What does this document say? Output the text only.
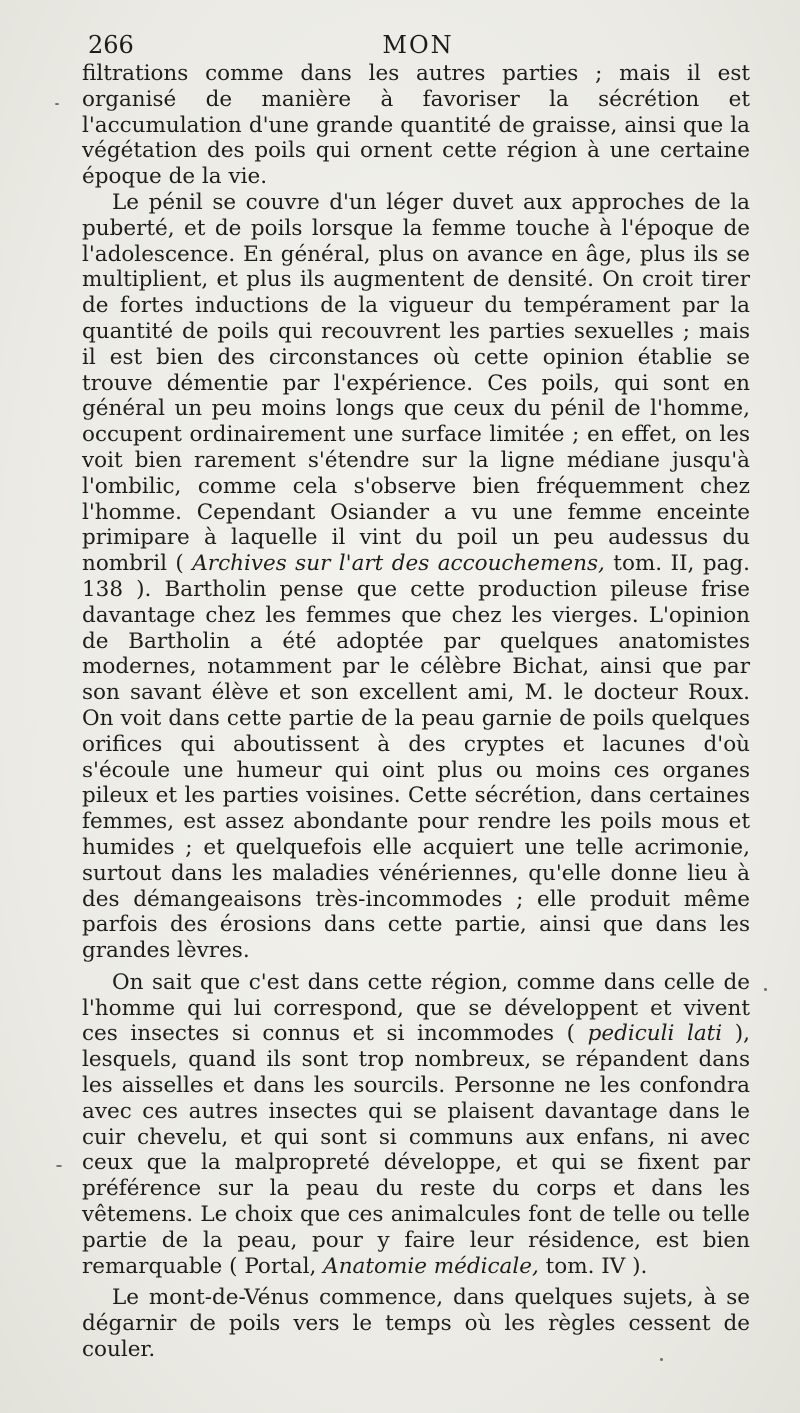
266	MON

filtrations comme dans les autres parties ; mais il est organisé de manière à favoriser la sécrétion et l'accumulation d'une grande quantité de graisse, ainsi que la végétation des poils qui ornent cette région à une certaine époque de la vie.

Le pénil se couvre d'un léger duvet aux approches de la puberté, et de poils lorsque la femme touche à l'époque de l'adolescence. En général, plus on avance en âge, plus ils se multiplient, et plus ils augmentent de densité. On croit tirer de fortes inductions de la vigueur du tempérament par la quantité de poils qui recouvrent les parties sexuelles ; mais il est bien des circonstances où cette opinion établie se trouve démentie par l'expérience. Ces poils, qui sont en général un peu moins longs que ceux du pénil de l'homme, occupent ordinairement une surface limitée ; en effet, on les voit bien rarement s'étendre sur la ligne médiane jusqu'à l'ombilic, comme cela s'observe bien fréquemment chez l'homme. Cependant Osiander a vu une femme enceinte primipare à laquelle il vint du poil un peu audessus du nombril ( Archives sur l'art des accouchemens, tom. II, pag. 138 ). Bartholin pense que cette production pileuse frise davantage chez les femmes que chez les vierges. L'opinion de Bartholin a été adoptée par quelques anatomistes modernes, notamment par le célèbre Bichat, ainsi que par son savant élève et son excellent ami, M. le docteur Roux. On voit dans cette partie de la peau garnie de poils quelques orifices qui aboutissent à des cryptes et lacunes d'où s'écoule une humeur qui oint plus ou moins ces organes pileux et les parties voisines. Cette sécrétion, dans certaines femmes, est assez abondante pour rendre les poils mous et humides ; et quelquefois elle acquiert une telle acrimonie, surtout dans les maladies vénériennes, qu'elle donne lieu à des démangeaisons très-incommodes ; elle produit même parfois des érosions dans cette partie, ainsi que dans les grandes lèvres.

On sait que c'est dans cette région, comme dans celle de l'homme qui lui correspond, que se développent et vivent ces insectes si connus et si incommodes ( pediculi lati ), lesquels, quand ils sont trop nombreux, se répandent dans les aisselles et dans les sourcils. Personne ne les confondra avec ces autres insectes qui se plaisent davantage dans le cuir chevelu, et qui sont si communs aux enfans, ni avec ceux que la malpropreté développe, et qui se fixent par préférence sur la peau du reste du corps et dans les vêtemens. Le choix que ces animalcules font de telle ou telle partie de la peau, pour y faire leur résidence, est bien remarquable ( Portal, Anatomie médicale, tom. IV ).

Le mont-de-Vénus commence, dans quelques sujets, à se dégarnir de poils vers le temps où les règles cessent de couler.
